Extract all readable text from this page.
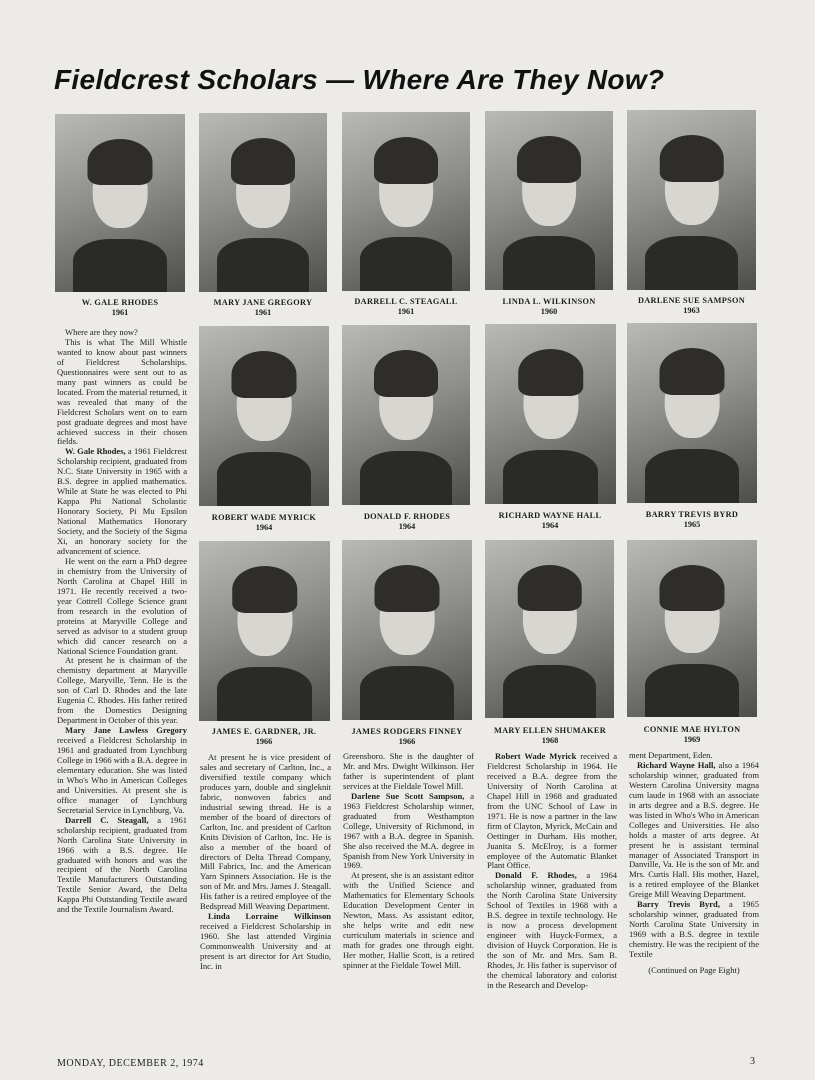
Fieldcrest Scholars — Where Are They Now?
W. GALE RHODES
1961
MARY JANE GREGORY
1961
DARRELL C. STEAGALL
1961
LINDA L. WILKINSON
1960
DARLENE SUE SAMPSON
1963
ROBERT WADE MYRICK
1964
DONALD F. RHODES
1964
RICHARD WAYNE HALL
1964
BARRY TREVIS BYRD
1965
JAMES E. GARDNER, JR.
1966
JAMES RODGERS FINNEY
1966
MARY ELLEN SHUMAKER
1968
CONNIE MAE HYLTON
1969

Where are they now?

This is what The Mill Whistle wanted to know about past winners of Fieldcrest Scholarships. Questionnaires were sent out to as many past winners as could be located. From the material returned, it was revealed that many of the Fieldcrest Scholars went on to earn post graduate degrees and most have achieved success in their chosen fields.

W. Gale Rhodes, a 1961 Fieldcrest Scholarship recipient, graduated from N.C. State University in 1965 with a B.S. degree in applied mathematics. While at State he was elected to Phi Kappa Phi National Scholastic Honorary Society, Pi Mu Epsilon National Mathematics Honorary Society, and the Society of the Sigma Xi, an honorary society for the advancement of science.

He went on the earn a PhD degree in chemistry from the University of North Carolina at Chapel Hill in 1971. He recently received a two-year Cottrell College Science grant from research in the evolution of proteins at Maryville College and served as advisor to a student group which did cancer research on a National Science Foundation grant.

At present he is chairman of the chemistry department at Maryville College, Maryville, Tenn. He is the son of Carl D. Rhodes and the late Eugenia C. Rhodes. His father retired from the Domestics Designing Department in October of this year.

Mary Jane Lawless Gregory received a Fieldcrest Scholarship in 1961 and graduated from Lynchburg College in 1966 with a B.A. degree in elementary education. She was listed in Who's Who in American Colleges and Universities. At present she is office manager of Lynchburg Secretarial Service in Lynchburg, Va.

Darrell C. Steagall, a 1961 scholarship recipient, graduated from North Carolina State University in 1966 with a B.S. degree. He graduated with honors and was the recipient of the North Carolina Textile Manufacturers Outstanding Textile Senior Award, the Delta Kappa Phi Outstanding Textile award and the Textile Journalism Award.

At present he is vice president of sales and secretary of Carlton, Inc., a diversified textile company which produces yarn, double and singleknit fabric, nonwoven fabrics and industrial sewing thread. He is a member of the board of directors of Carlton, Inc. and president of Carlton Knits Division of Carlton, Inc. He is also a member of the board of directors of Delta Thread Company, Mill Fabrics, Inc. and the American Yarn Spinners Association. He is the son of Mr. and Mrs. James J. Steagall. His father is a retired employee of the Bedspread Mill Weaving Department.

Linda Lorraine Wilkinson received a Fieldcrest Scholarship in 1960. She last attended Virginia Commonwealth University and at present is art director for Art Studio, Inc. in

Greensboro. She is the daughter of Mr. and Mrs. Dwight Wilkinson. Her father is superintendent of plant services at the Fieldale Towel Mill.

Darlene Sue Scott Sampson, a 1963 Fieldcrest Scholarship winner, graduated from Westhampton College, University of Richmond, in 1967 with a B.A. degree in Spanish. She also received the M.A. degree in Spanish from New York University in 1969.

At present, she is an assistant editor with the Unified Science and Mathematics for Elementary Schools Education Development Center in Newton, Mass. As assistant editor, she helps write and edit new curriculum materials in science and math for grades one through eight. Her mother, Hallie Scott, is a retired spinner at the Fieldale Towel Mill.

Robert Wade Myrick received a Fieldcrest Scholarship in 1964. He received a B.A. degree from the University of North Carolina at Chapel Hill in 1968 and graduated from the UNC School of Law in 1971. He is now a partner in the law firm of Clayton, Myrick, McCain and Oettinger in Durham. His mother, Juanita S. McElroy, is a former employee of the Automatic Blanket Plant Office.

Donald F. Rhodes, a 1964 scholarship winner, graduated from the North Carolina State University School of Textiles in 1968 with a B.S. degree in textile technology. He is now a process development engineer with Huyck-Formex, a division of Huyck Corporation. He is the son of Mr. and Mrs. Sam B. Rhodes, Jr. His father is supervisor of the chemical laboratory and colorist in the Research and Develop-

ment Department, Eden.

Richard Wayne Hall, also a 1964 scholarship winner, graduated from Western Carolina University magna cum laude in 1968 with an associate in arts degree and a B.S. degree. He was listed in Who's Who in American Colleges and Universities. He also holds a master of arts degree. At present he is assistant terminal manager of Associated Transport in Danville, Va. He is the son of Mr. and Mrs. Curtis Hall. His mother, Hazel, is a retired employee of the Blanket Greige Mill Weaving Department.

Barry Trevis Byrd, a 1965 scholarship winner, graduated from North Carolina State University in 1969 with a B.S. degree in textile chemistry. He was the recipient of the Textile

(Continued on Page Eight)

MONDAY, DECEMBER 2, 1974	3
